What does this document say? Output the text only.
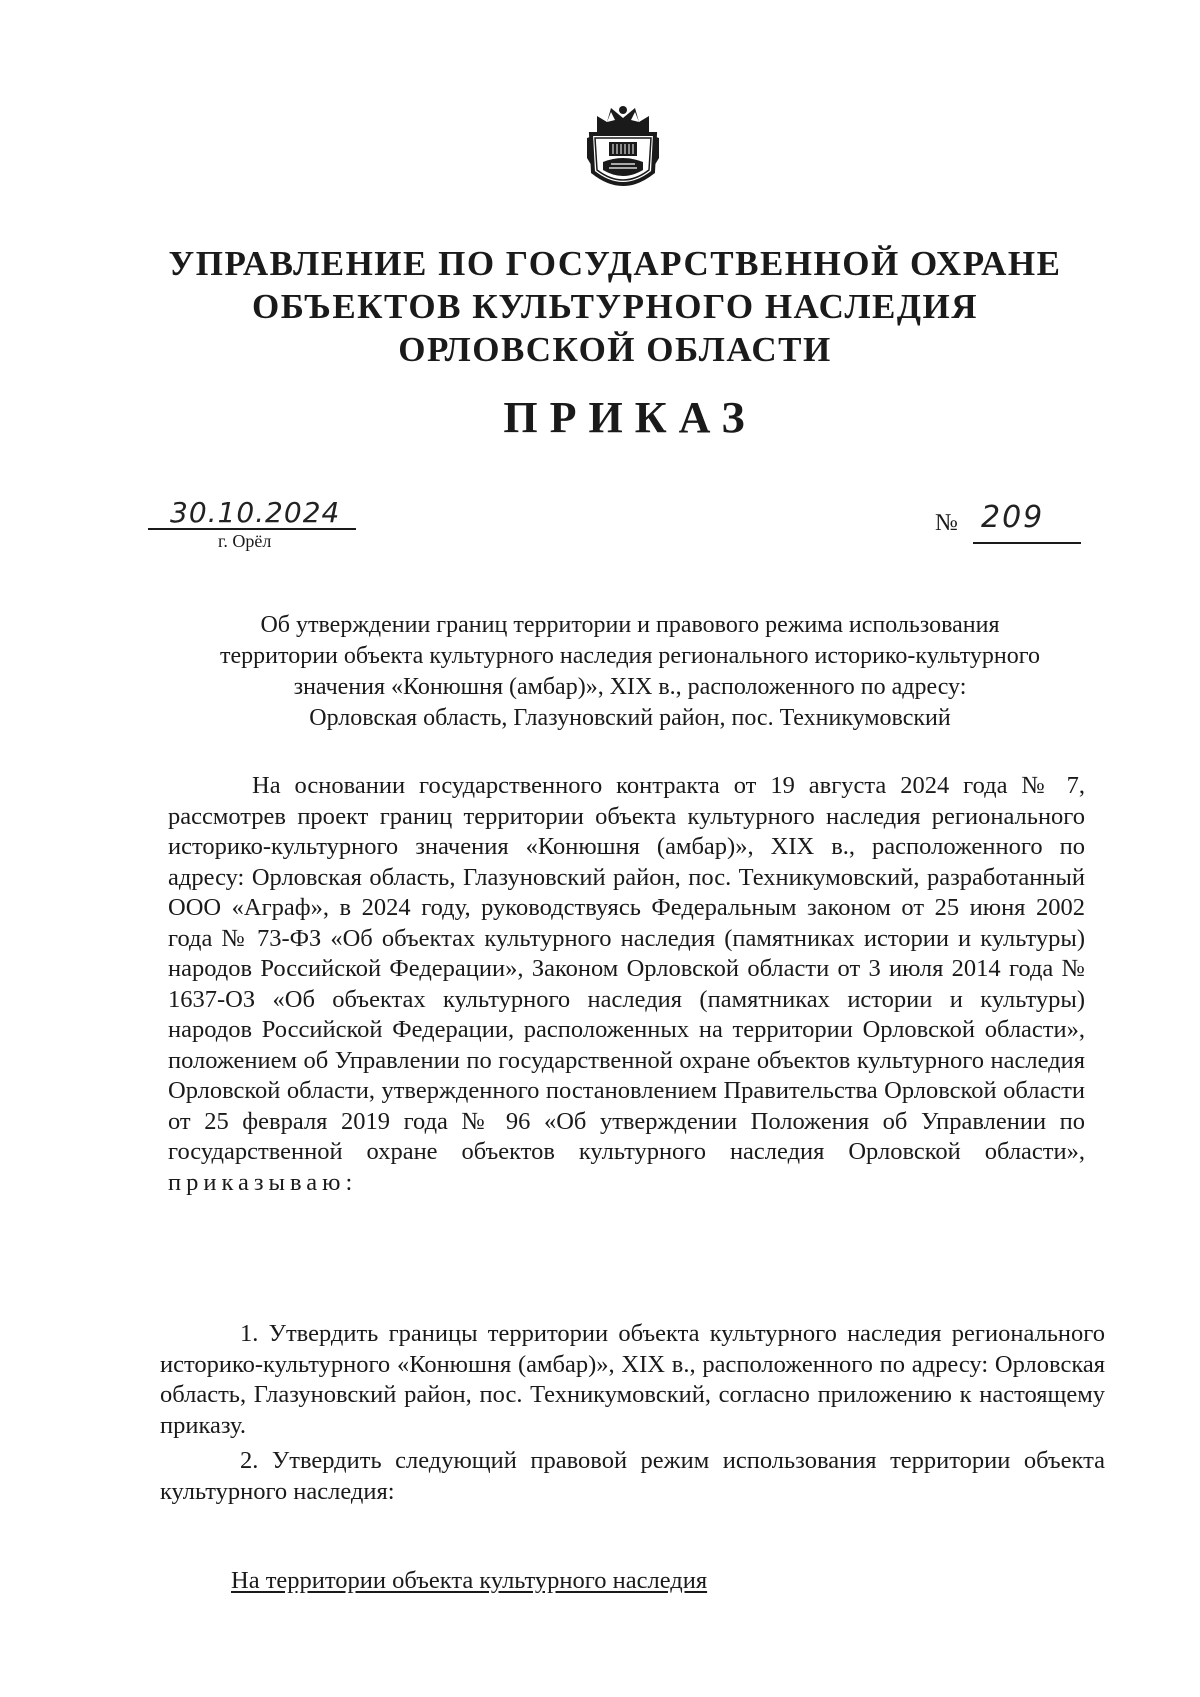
УПРАВЛЕНИЕ ПО ГОСУДАРСТВЕННОЙ ОХРАНЕ
ОБЪЕКТОВ КУЛЬТУРНОГО НАСЛЕДИЯ
ОРЛОВСКОЙ ОБЛАСТИ
ПРИКАЗ
30.10.2024
г. Орёл
№ 209
Об утверждении границ территории и правового режима использования
территории объекта культурного наследия регионального историко-культурного
значения «Конюшня (амбар)», XIX в., расположенного по адресу:
Орловская область, Глазуновский район, пос. Техникумовский
На основании государственного контракта от 19 августа 2024 года № 7, рассмотрев проект границ территории объекта культурного наследия регионального историко-культурного значения «Конюшня (амбар)», XIX в., расположенного по адресу: Орловская область, Глазуновский район, пос. Техникумовский, разработанный ООО «Аграф», в 2024 году, руководствуясь Федеральным законом от 25 июня 2002 года № 73-ФЗ «Об объектах культурного наследия (памятниках истории и культуры) народов Российской Федерации», Законом Орловской области от 3 июля 2014 года № 1637-ОЗ «Об объектах культурного наследия (памятниках истории и культуры) народов Российской Федерации, расположенных на территории Орловской области», положением об Управлении по государственной охране объектов культурного наследия Орловской области, утвержденного постановлением Правительства Орловской области от 25 февраля 2019 года № 96 «Об утверждении Положения об Управлении по государственной охране объектов культурного наследия Орловской области», приказываю:
1. Утвердить границы территории объекта культурного наследия регионального историко-культурного «Конюшня (амбар)», XIX в., расположенного по адресу: Орловская область, Глазуновский район, пос. Техникумовский, согласно приложению к настоящему приказу.
2. Утвердить следующий правовой режим использования территории объекта культурного наследия:
На территории объекта культурного наследия
